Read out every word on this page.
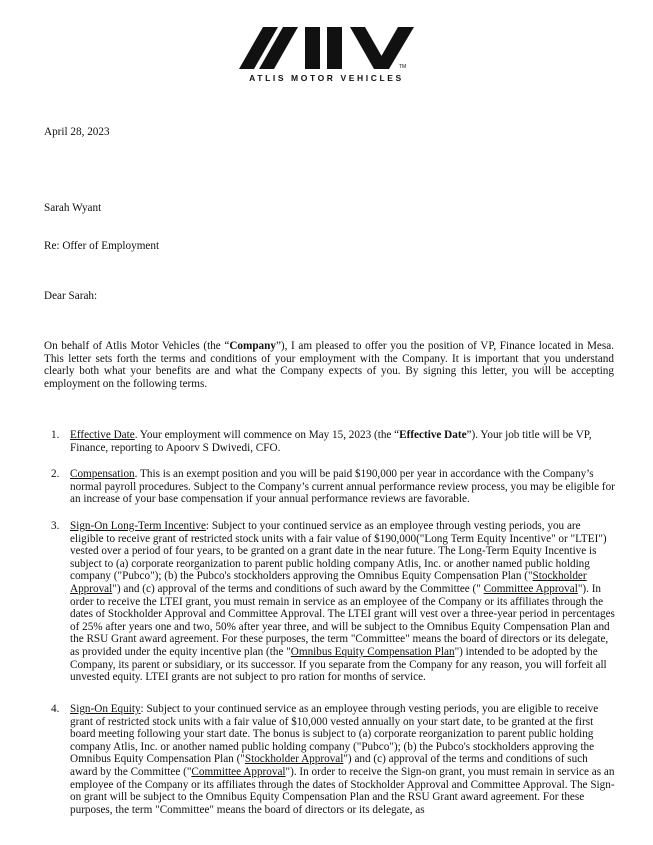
TM
ATLIS MOTOR VEHICLES
April 28, 2023
Sarah Wyant
Re: Offer of Employment
Dear Sarah:
On behalf of Atlis Motor Vehicles (the “Company”), I am pleased to offer you the position of VP, Finance located in Mesa. This letter sets forth the terms and conditions of your employment with the Company. It is important that you understand clearly both what your benefits are and what the Company expects of you. By signing this letter, you will be accepting employment on the following terms.
1. Effective Date. Your employment will commence on May 15, 2023 (the “Effective Date”). Your job title will be VP, Finance, reporting to Apoorv S Dwivedi, CFO.
2. Compensation. This is an exempt position and you will be paid $190,000 per year in accordance with the Company’s normal payroll procedures. Subject to the Company’s current annual performance review process, you may be eligible for an increase of your base compensation if your annual performance reviews are favorable.
3. Sign-On Long-Term Incentive: Subject to your continued service as an employee through vesting periods, you are eligible to receive grant of restricted stock units with a fair value of $190,000("Long Term Equity Incentive" or "LTEI") vested over a period of four years, to be granted on a grant date in the near future. The Long-Term Equity Incentive is subject to (a) corporate reorganization to parent public holding company Atlis, Inc. or another named public holding company ("Pubco"); (b) the Pubco's stockholders approving the Omnibus Equity Compensation Plan ("Stockholder Approval") and (c) approval of the terms and conditions of such award by the Committee (" Committee Approval"). In order to receive the LTEI grant, you must remain in service as an employee of the Company or its affiliates through the dates of Stockholder Approval and Committee Approval. The LTEI grant will vest over a three-year period in percentages of 25% after years one and two, 50% after year three, and will be subject to the Omnibus Equity Compensation Plan and the RSU Grant award agreement. For these purposes, the term "Committee" means the board of directors or its delegate, as provided under the equity incentive plan (the "Omnibus Equity Compensation Plan") intended to be adopted by the Company, its parent or subsidiary, or its successor. If you separate from the Company for any reason, you will forfeit all unvested equity. LTEI grants are not subject to pro ration for months of service.
4. Sign-On Equity: Subject to your continued service as an employee through vesting periods, you are eligible to receive grant of restricted stock units with a fair value of $10,000 vested annually on your start date, to be granted at the first board meeting following your start date. The bonus is subject to (a) corporate reorganization to parent public holding company Atlis, Inc. or another named public holding company ("Pubco"); (b) the Pubco's stockholders approving the Omnibus Equity Compensation Plan ("Stockholder Approval") and (c) approval of the terms and conditions of such award by the Committee ("Committee Approval"). In order to receive the Sign-on grant, you must remain in service as an employee of the Company or its affiliates through the dates of Stockholder Approval and Committee Approval. The Sign-on grant will be subject to the Omnibus Equity Compensation Plan and the RSU Grant award agreement. For these purposes, the term "Committee" means the board of directors or its delegate, as
